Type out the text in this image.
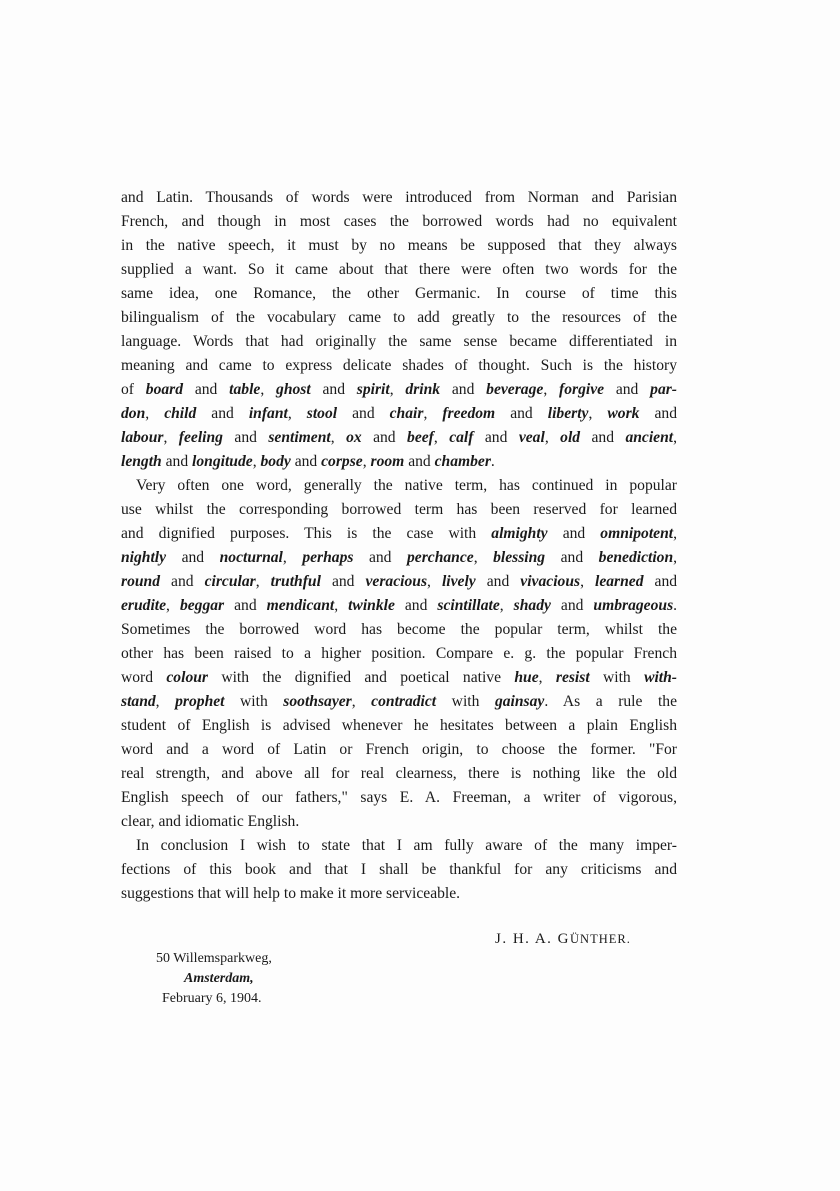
and Latin. Thousands of words were introduced from Norman and Parisian
French, and though in most cases the borrowed words had no equivalent
in the native speech, it must by no means be supposed that they always
supplied a want. So it came about that there were often two words for the
same idea, one Romance, the other Germanic. In course of time this
bilingualism of the vocabulary came to add greatly to the resources of the
language. Words that had originally the same sense became differentiated in
meaning and came to express delicate shades of thought. Such is the history
of board and table, ghost and spirit, drink and beverage, forgive and par-
don, child and infant, stool and chair, freedom and liberty, work and
labour, feeling and sentiment, ox and beef, calf and veal, old and ancient,
length and longitude, body and corpse, room and chamber.
Very often one word, generally the native term, has continued in popular
use whilst the corresponding borrowed term has been reserved for learned
and dignified purposes. This is the case with almighty and omnipotent,
nightly and nocturnal, perhaps and perchance, blessing and benediction,
round and circular, truthful and veracious, lively and vivacious, learned and
erudite, beggar and mendicant, twinkle and scintillate, shady and umbrageous.
Sometimes the borrowed word has become the popular term, whilst the
other has been raised to a higher position. Compare e. g. the popular French
word colour with the dignified and poetical native hue, resist with with-
stand, prophet with soothsayer, contradict with gainsay. As a rule the
student of English is advised whenever he hesitates between a plain English
word and a word of Latin or French origin, to choose the former. "For
real strength, and above all for real clearness, there is nothing like the old
English speech of our fathers," says E. A. Freeman, a writer of vigorous,
clear, and idiomatic English.
In conclusion I wish to state that I am fully aware of the many imper-
fections of this book and that I shall be thankful for any criticisms and
suggestions that will help to make it more serviceable.
J. H. A. GÜNTHER.
50 Willemsparkweg,
Amsterdam,
February 6, 1904.
